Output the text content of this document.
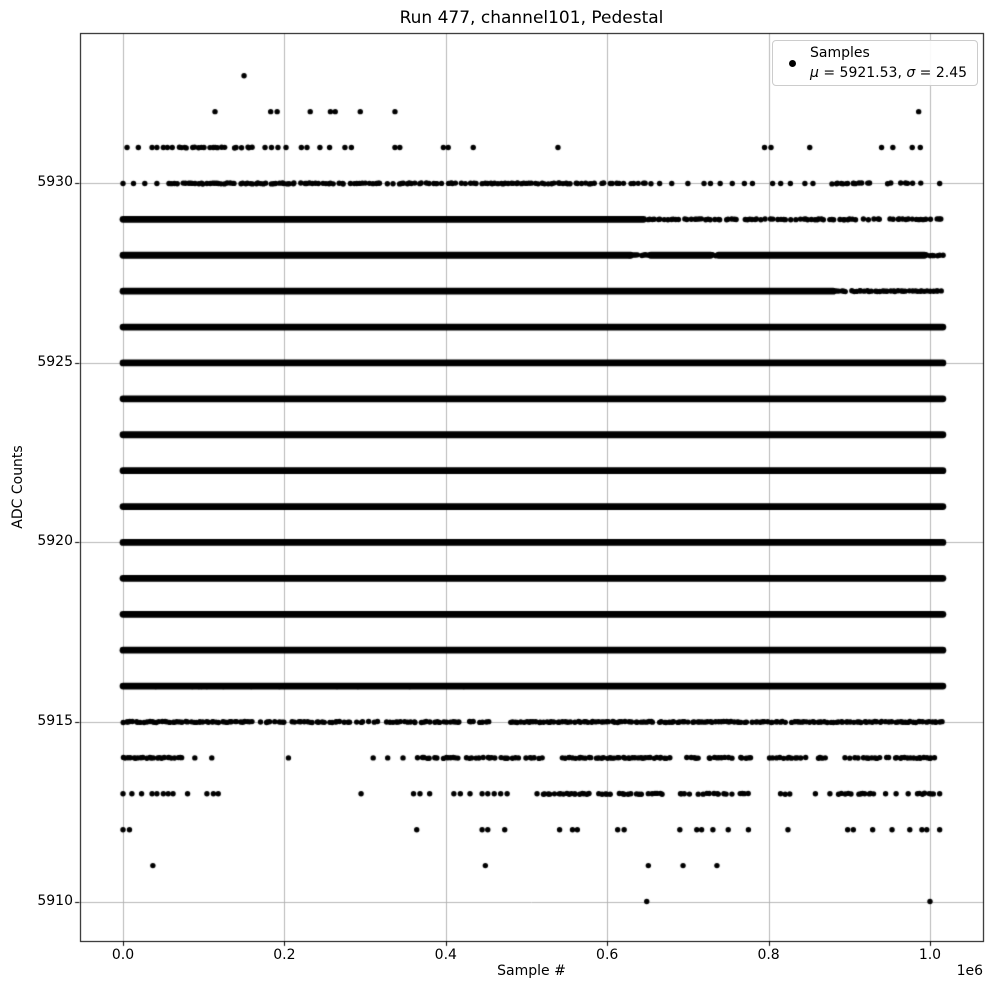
Run 477, channel101, Pedestal
ADC Counts
Sample #	1e6
5910
5915
5920
5925
5930
0.0	0.2	0.4	0.6	0.8	1.0
Samples
μ = 5921.53, σ = 2.45
